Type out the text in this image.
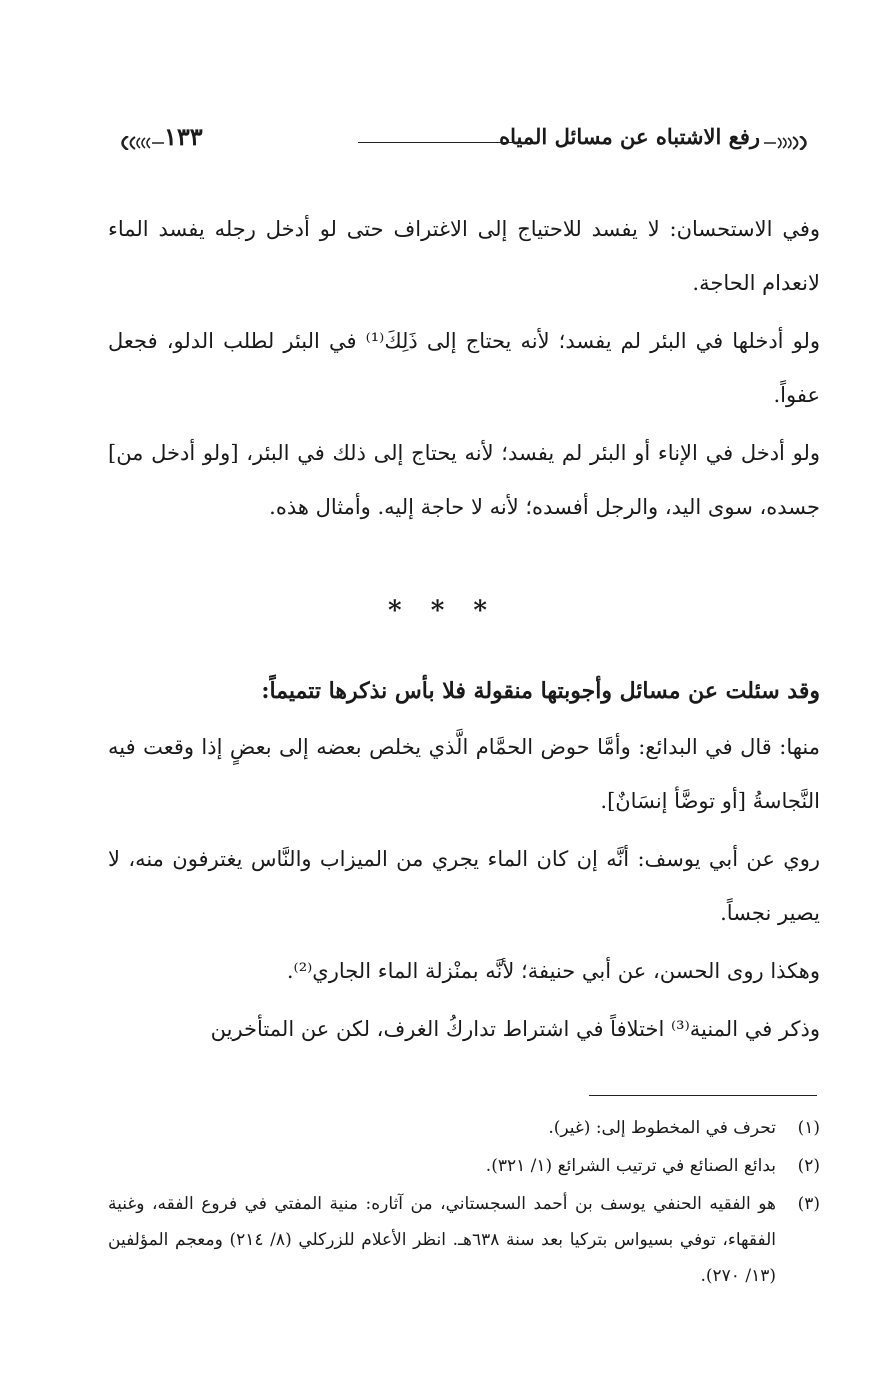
رفع الاشتباه عن مسائل المياه
١٣٣

وفي الاستحسان: لا يفسد للاحتياج إلى الاغتراف حتى لو أدخل رجله يفسد الماء لانعدام الحاجة.

ولو أدخلها في البئر لم يفسد؛ لأنه يحتاج إلى ذَلِكَ⁽¹⁾ في البئر لطلب الدلو، فجعل عفواً.

ولو أدخل في الإناء أو البئر لم يفسد؛ لأنه يحتاج إلى ذلك في البئر، [ولو أدخل من] جسده، سوى اليد، والرجل أفسده؛ لأنه لا حاجة إليه. وأمثال هذه.

* * *

وقد سئلت عن مسائل وأجوبتها منقولة فلا بأس نذكرها تتميماً:

منها: قال في البدائع: وأمَّا حوض الحمَّام الَّذي يخلص بعضه إلى بعضٍ إذا وقعت فيه النَّجاسةُ [أو توضَّأ إنسَانٌ].

روي عن أبي يوسف: أنَّه إن كان الماء يجري من الميزاب والنَّاس يغترفون منه، لا يصير نجساً.

وهكذا روى الحسن، عن أبي حنيفة؛ لأنَّه بمنْزلة الماء الجاري⁽²⁾.

وذكر في المنية⁽³⁾ اختلافاً في اشتراط تداركُ الغرف، لكن عن المتأخرين

(١)
تحرف في المخطوط إلى: (غير).
(٢)
بدائع الصنائع في ترتيب الشرائع (١/ ٣٢١).
(٣)
هو الفقيه الحنفي يوسف بن أحمد السجستاني، من آثاره: منية المفتي في فروع الفقه، وغنية الفقهاء، توفي بسيواس بتركيا بعد سنة ٦٣٨هـ. انظر الأعلام للزركلي (٨/ ٢١٤) ومعجم المؤلفين (١٣/ ٢٧٠).
